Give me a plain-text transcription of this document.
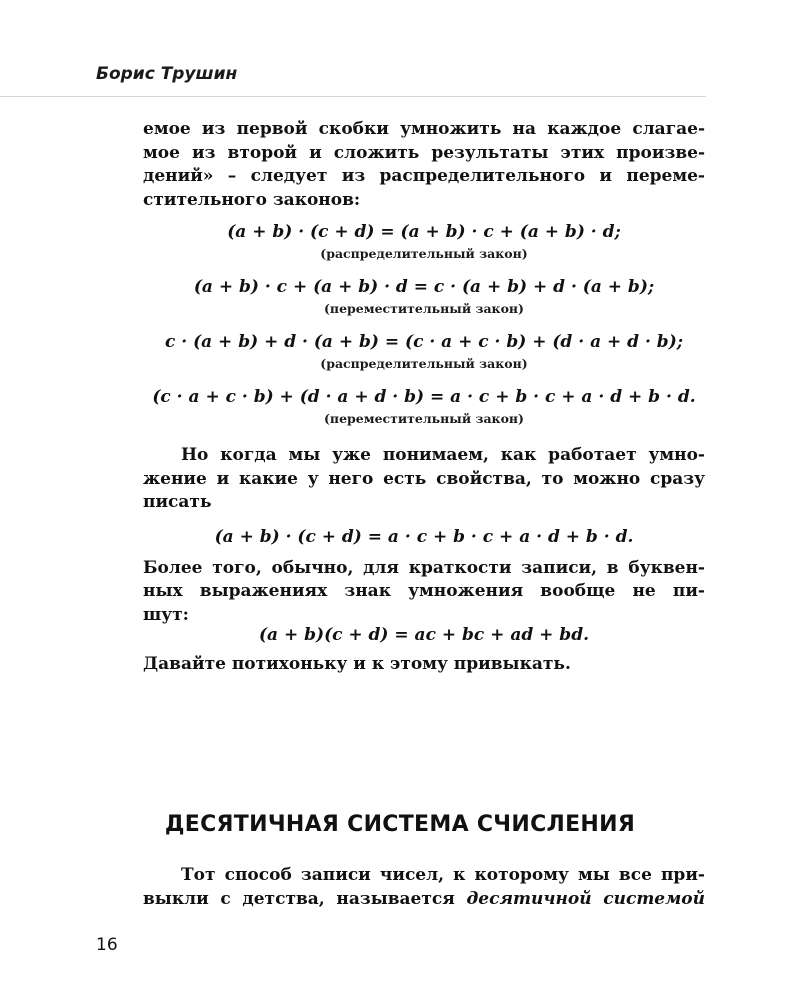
Борис Трушин

емое из первой скобки умножить на каждое слагае-
мое из второй и сложить результаты этих произве-
дений» – следует из распределительного и переме-
стительного законов:

(a + b) · (c + d) = (a + b) · c + (a + b) · d;

(распределительный закон)

(a + b) · c + (a + b) · d = c · (a + b) + d · (a + b);

(переместительный закон)

c · (a + b) + d · (a + b) = (c · a + c · b) + (d · a + d · b);

(распределительный закон)

(c · a + c · b) + (d · a + d · b) = a · c + b · c + a · d + b · d.

(переместительный закон)

Но когда мы уже понимаем, как работает умно-
жение и какие у него есть свойства, то можно сразу
писать

(a + b) · (c + d) = a · c + b · c + a · d + b · d.

Более того, обычно, для краткости записи, в буквен-
ных выражениях знак умножения вообще не пи-
шут:

(a + b)(c + d) = ac + bc + ad + bd.

Давайте потихоньку и к этому привыкать.

ДЕСЯТИЧНАЯ СИСТЕМА СЧИСЛЕНИЯ

Тот способ записи чисел, к которому мы все при-
выкли с детства, называется десятичной системой

16
